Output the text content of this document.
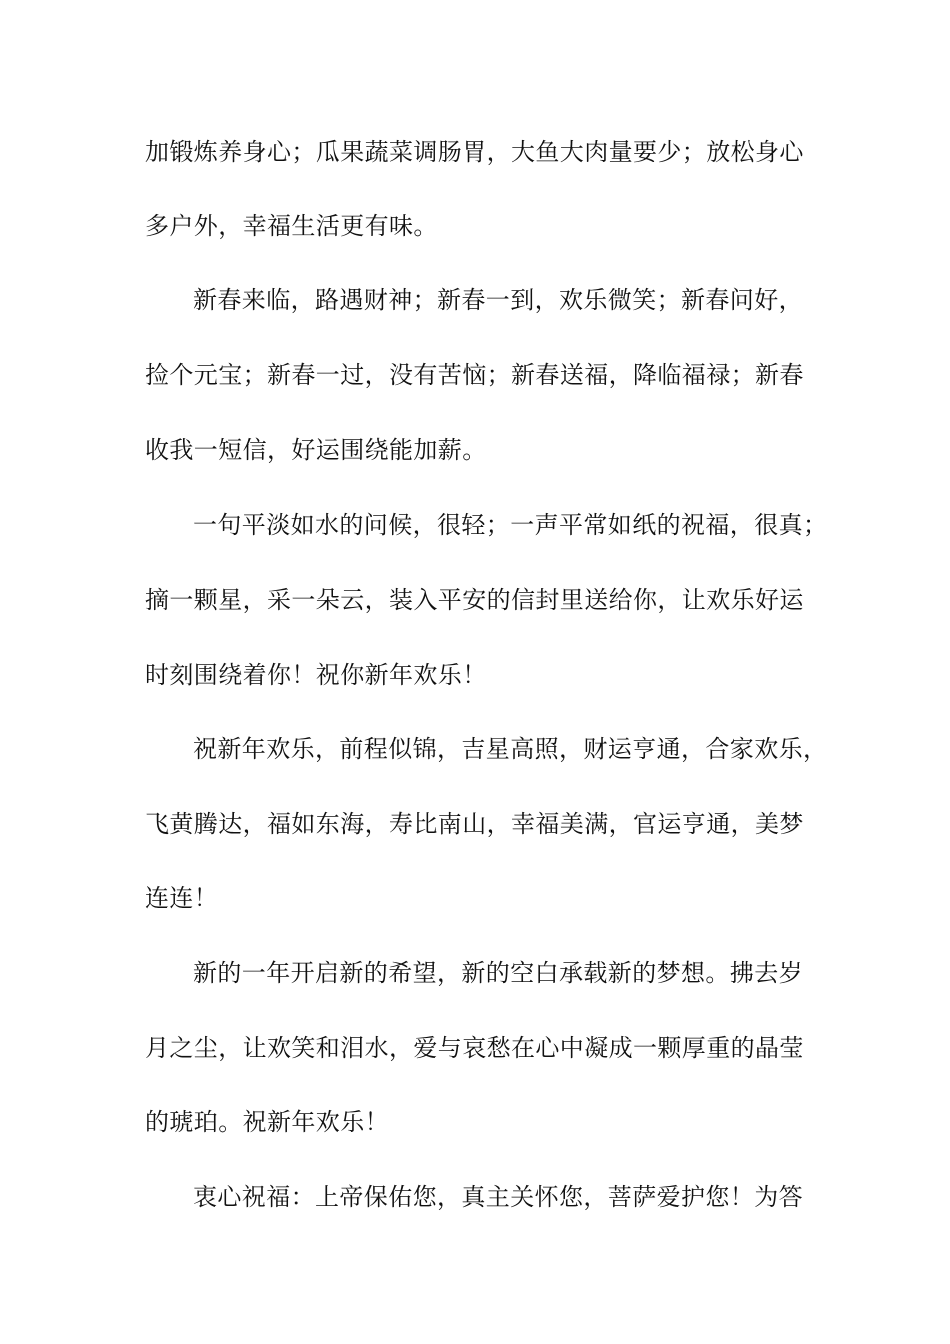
加锻炼养身心；瓜果蔬菜调肠胃，大鱼大肉量要少；放松身心
多户外，幸福生活更有味。
新春来临，路遇财神；新春一到，欢乐微笑；新春问好，
捡个元宝；新春一过，没有苦恼；新春送福，降临福禄；新春
收我一短信，好运围绕能加薪。
一句平淡如水的问候，很轻；一声平常如纸的祝福，很真；
摘一颗星，采一朵云，装入平安的信封里送给你，让欢乐好运
时刻围绕着你！祝你新年欢乐！
祝新年欢乐，前程似锦，吉星高照，财运亨通，合家欢乐，
飞黄腾达，福如东海，寿比南山，幸福美满，官运亨通，美梦
连连！
新的一年开启新的希望，新的空白承载新的梦想。拂去岁
月之尘，让欢笑和泪水，爱与哀愁在心中凝成一颗厚重的晶莹
的琥珀。祝新年欢乐！
衷心祝福：上帝保佑您，真主关怀您，菩萨爱护您！为答
